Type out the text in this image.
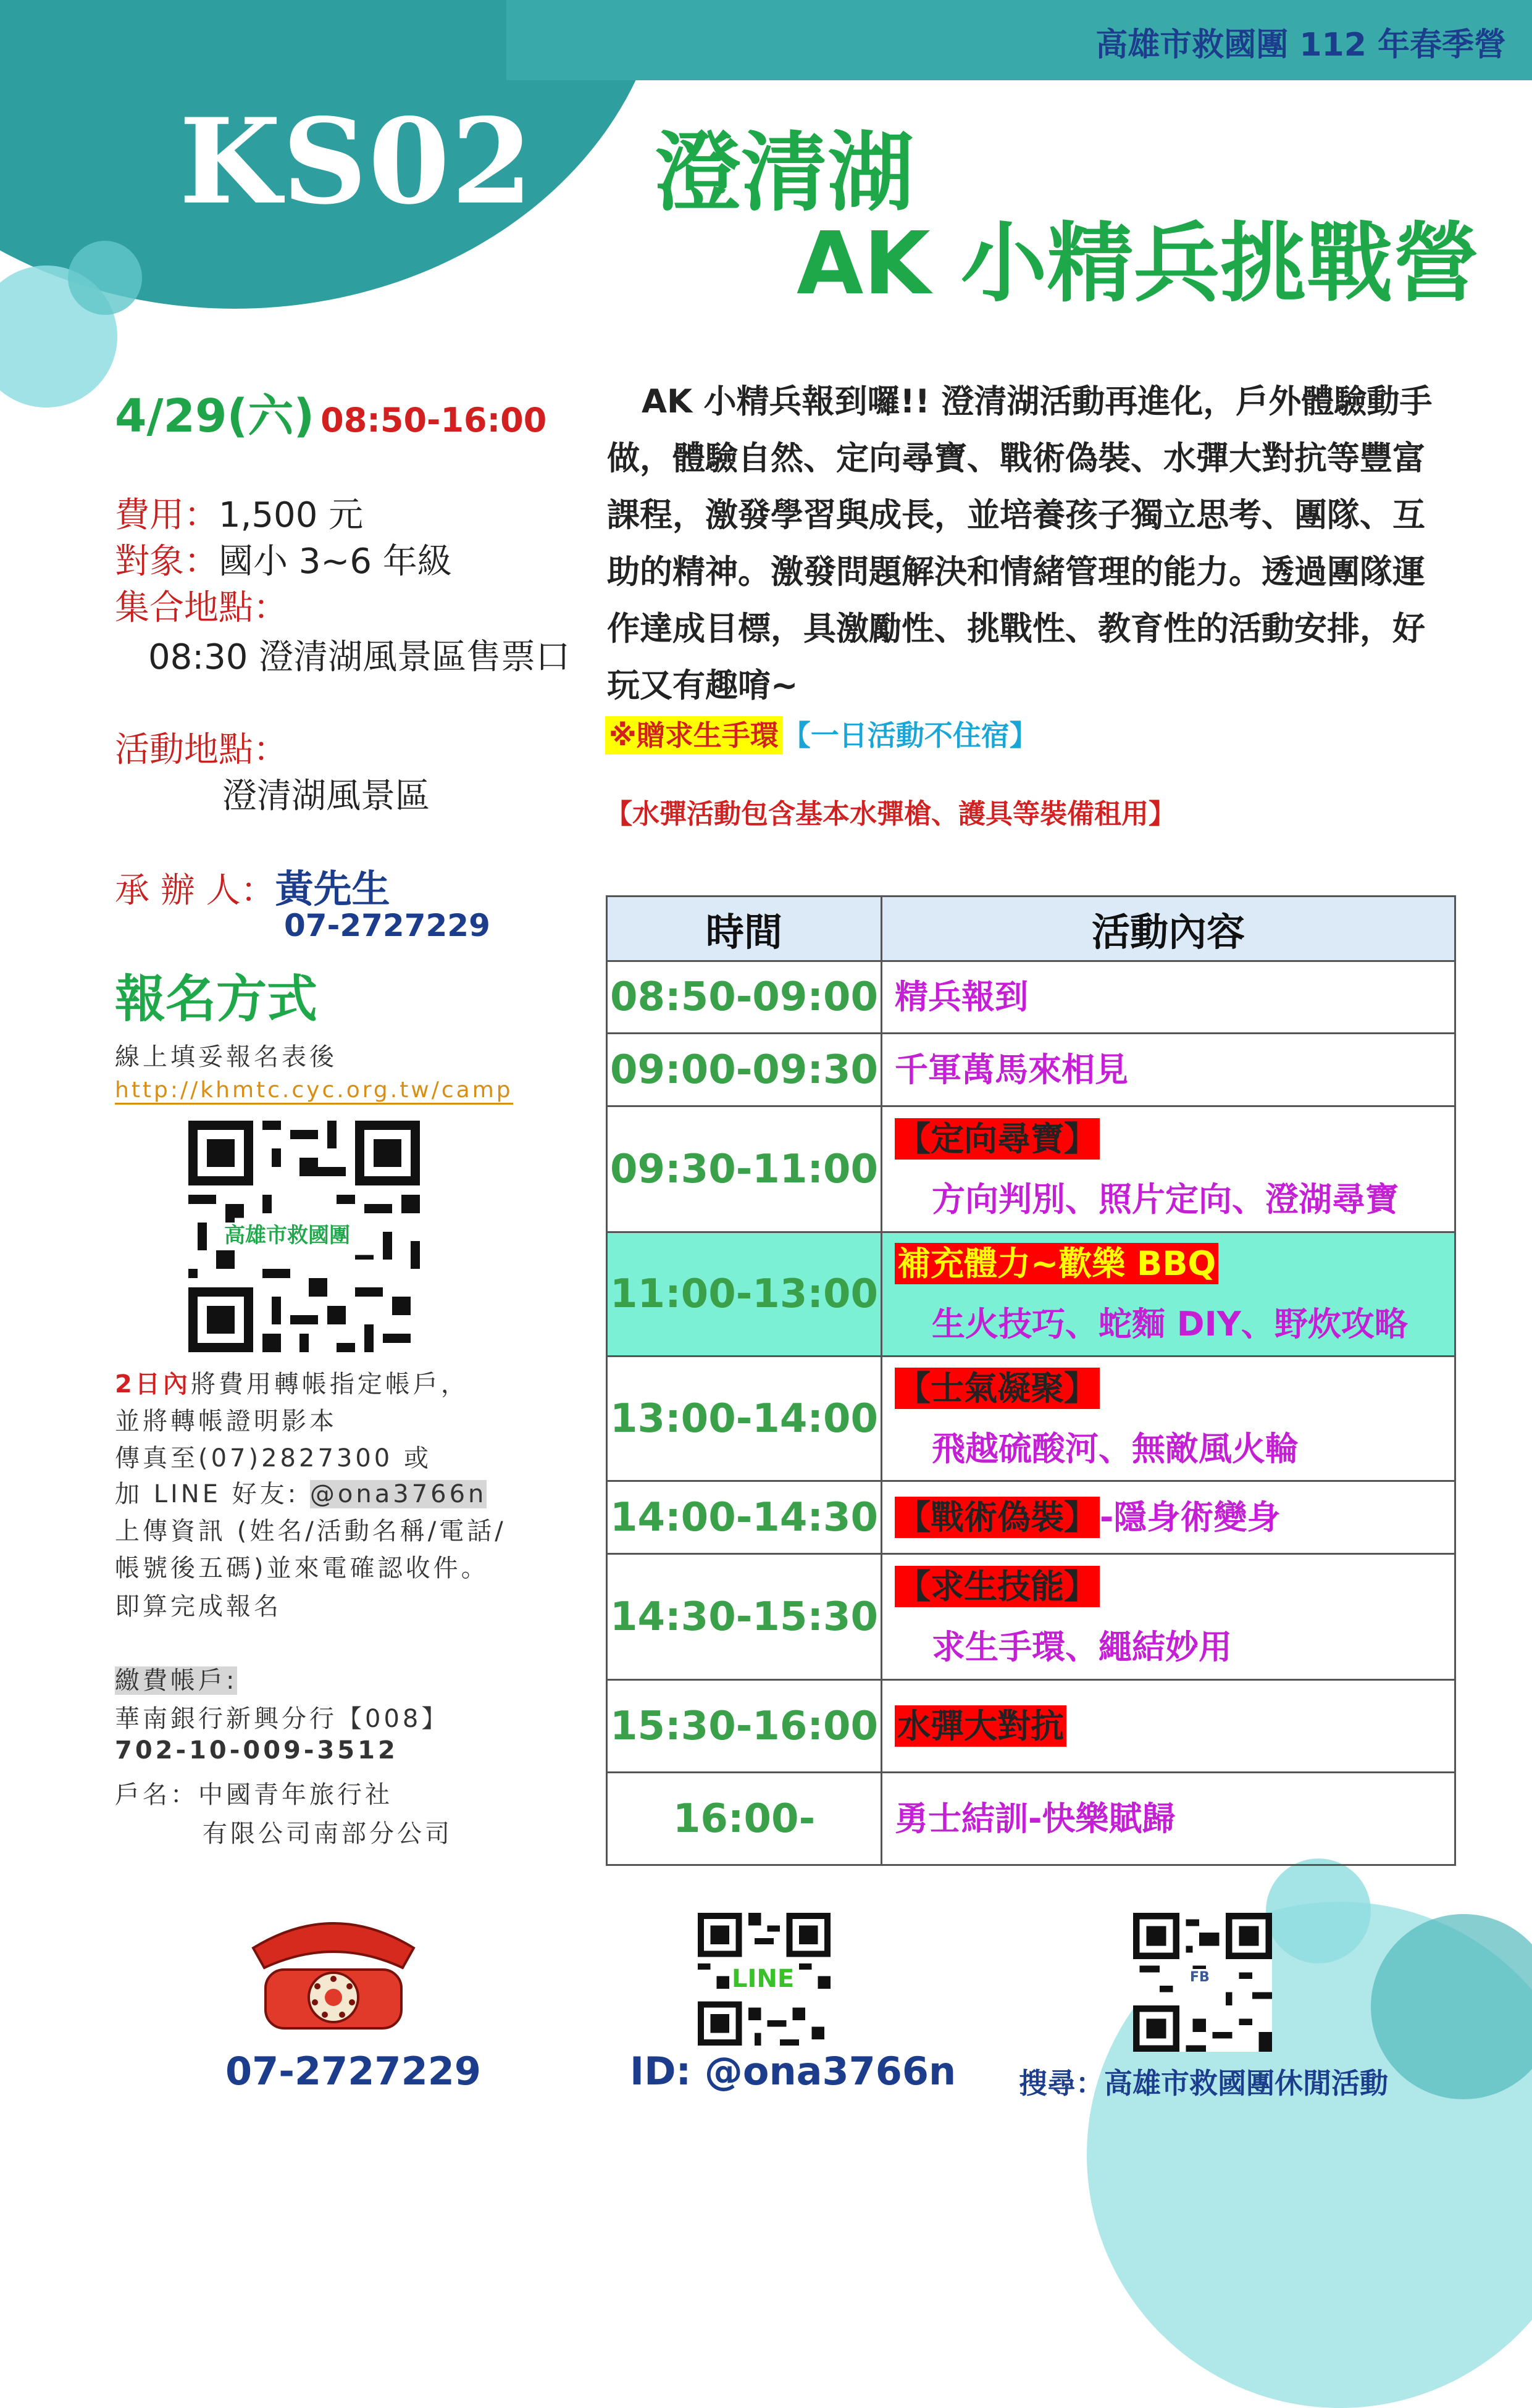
高雄市救國團 112 年春季營
KS02 澄清湖
AK 小精兵挑戰營
4/29(六) 08:50-16:00
費用：1,500 元
對象：國小 3~6 年級
集合地點：
08:30 澄清湖風景區售票口
活動地點：
澄清湖風景區
承 辦 人：黃先生
07-2727229
報名方式
線上填妥報名表後
http://khmtc.cyc.org.tw/camp
高雄市救國團
2日內將費用轉帳指定帳戶，
並將轉帳證明影本
傳真至(07)2827300 或
加 LINE 好友: @ona3766n
上傳資訊 (姓名/活動名稱/電話/
帳號後五碼)並來電確認收件。
即算完成報名
繳費帳戶:
華南銀行新興分行【008】
702-10-009-3512
戶名：中國青年旅行社
有限公司南部分公司
AK 小精兵報到囉!! 澄清湖活動再進化，戶外體驗動手做，體驗自然、定向尋寶、戰術偽裝、水彈大對抗等豐富課程，激發學習與成長，並培養孩子獨立思考、團隊、互助的精神。激發問題解決和情緒管理的能力。透過團隊運作達成目標，具激勵性、挑戰性、教育性的活動安排，好玩又有趣唷~
※贈求生手環 【一日活動不住宿】
【水彈活動包含基本水彈槍、護具等裝備租用】
時間	活動內容
08:50-09:00	精兵報到
09:00-09:30	千軍萬馬來相見
09:30-11:00	【定向尋寶】
方向判別、照片定向、澄湖尋寶

11:00-13:00	補充體力~歡樂 BBQ
生火技巧、蛇麵 DIY、野炊攻略

13:00-14:00	【士氣凝聚】
飛越硫酸河、無敵風火輪

14:00-14:30	【戰術偽裝】-隱身術變身
14:30-15:30	【求生技能】
求生手環、繩結妙用

15:30-16:00	水彈大對抗
16:00-	勇士結訓-快樂賦歸
07-2727229
LINE
ID: @ona3766n
FB
搜尋：高雄市救國團休閒活動
